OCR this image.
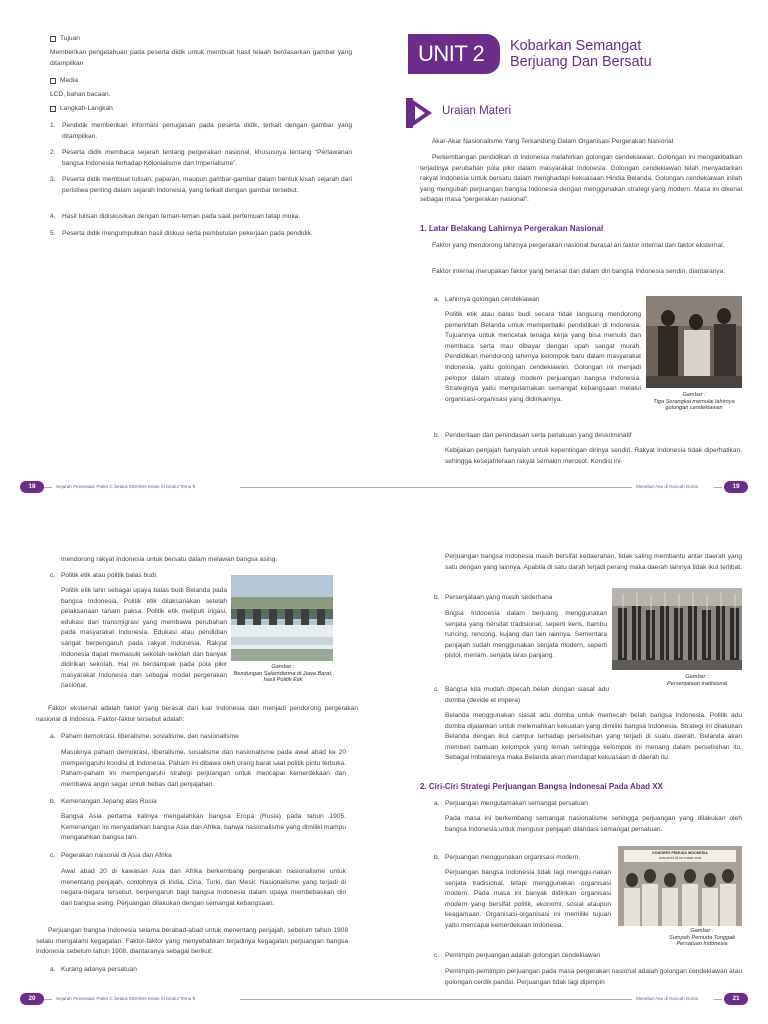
Tujuan

Memberikan pengetahuan pada peserta didik untuk membuat hasil telaah berdasarkan gambar yang ditampilkan

Media

LCD, bahan bacaan.

Langkah-Langkah
1. Pendidik memberikan informasi penugasan pada peserta didik, terkait dengan gambar yang ditampilkan.

2. Peserta didik membaca sejarah tentang pergerakan nasional, khususnya tentang “Perlawanan bangsa Indonesia terhadap Kolonialisme dan Imperialisme”.

3. Peserta didik membuat tulisan, paparan, maupun gambar-gambar dalam bentuk kisah sejarah dari peristiwa penting dalam sejarah Indonesia, yang terkait dengan gambar tersebut.

4. Hasil tulisan didiskusikan dengan teman-teman pada saat pertemuan tatap muka.

5. Peserta didik mengumpulkan hasil diskusi serta pembetulan pekerjaan pada pendidik.

18	Sejarah Peminatan Paket C Setara SMA/MA Kelas XI Modul Tema 9
UNIT 2	Kobarkan Semangat
Berjuang Dan Bersatu
Uraian Materi

Akar-Akar Nasionalisme Yang Terkandung Dalam Organisasi Pergerakan Nasional

Perkembangan pendidikan di Indonesia melahirkan golongan cendekiawan. Golongan ini mengakibatkan terjadinya perubahan pola pikir dalam masyarakat Indonesia. Golongan cendekiawan telah menyadarkan rakyat Indonesia untuk bersatu dalam menghadapi kekuasaan Hindia Belanda. Golongan cendekiawan inilah yang mengubah perjuangan bangsa Indonesia dengan menggunakan strategi yang modern. Masa ini dikenal sebagai masa “pergerakan nasional”.

1. Latar Belakang Lahirnya Pergerakan Nasional

Faktor yang mendorong lahirnya pergerakan nasional berasal ari faktor internal dan faktor eksternal.

Faktor internal merupakan faktor yang berasal dari dalam diri bangsa Indonesia sendiri, diantaranya:

a. Lahirnya golongan cendekiawan

Politik etik atau balas budi secara tidak langsung mendorong pemerintah Belanda untuk memperbaiki pendidikan di Indonesia. Tujuannya untuk mencetak tenaga kerja yang bisa menulis dan membaca serta mau dibayar dengan upah sangat murah. Pendidikan mendorong lahirnya kelompok baru dalam masyarakat Indonesia, yaitu golongan cendekiawan. Golongan ini menjadi pelopor dalam strategi modern perjuangan bangsa Indonesia. Strateginya yaitu mengutamakan semangat kebangsaan melalui organisasi-organisasi yang didirikannya.

Gambar :
Tiga Serangkai memulai lahirnya golongan cendekiawan
b. Penderitaan dan penindasan serta perlakuan yang deskriminatif

Kebijakan penjajah hanyalah untuk kepentingan dirinya sendiri. Rakyat Indonesia tidak diperhatikan, sehingga kesejahteraan rakyat semakin merosot. Kondisi ini

Menebar Asa di Kancah Dunia	19

mendorong rakyat Indonesia untuk bersatu dalam melawan bangsa asing.

c. Politik etik atau politik balas budi.

Politik etik lahir sebagai upaya balas budi Belanda pada bangsa Indonesia. Politik etik dilaksanakan setelah pelaksanaan tanam paksa. Politik etik meliputi irigasi, edukasi dan transmigrasi yang membawa perubahan pada masyarakat Indonesia. Edukasi atau pendidian sangat berpengaruh pada rakyat Indonesia. Rakyat Indonesia dapat memasuki sekolah-sekolah dan banyak didirikan sekolah. Hal ini berdampak pada pola pikir masyarakat Indonesia dan sebagai modal pergerakan nasional.

Gambar :
Bendungan Salamdarma di Jawa Barat, hasil Politik Etik

Faktor eksternal adalah faktor yang berasal dari luar Indonesia dan menjadi pendorong pergerakan nasional di Indoesia. Faktor-faktor tersebut adalah:

a. Paham demokrasi, liberalisme, sosialisme, dan nasionalisme

Masuknya paham demokrasi, liberalisme, sosialisme dan nasionalisme pada awal abad ke 20 mempengaruhi kondisi di Indonesia. Paham ini dibawa oleh orang barat saat politik pintu terbuka. Paham-paham ini mempengaruhi strategi perjuangan untuk mencapai kemerdekaan dan membawa angin segar untuk bebas dari penjajahan.

b. Kemenangan Jepang atas Rusia

Bangsa Asia pertama kalinya mengalahkan bangsa Eropa (Rusia) pada tahun 1905. Kemenangan ini menyadarkan bangsa Asia dan Afrika, bahwa nasionalisme yang dimiliki mampu mengalahkan bangsa lain.

c. Pegerakan naisonal di Asia dan Afrika

Awal abad 20 di kawasan Asia dan Afrika berkembang pergerakan nasionalisme untuk menentang penjajah, contohnya di India, Cina, Turki, dan Mesir. Nasionalisme yang terjadi di negara-negara tersebut, berpengaruh bagi bangsa Indonesia dalam upaya membebaskan diri dari bangsa asing. Perjuangan dilakukan dengan semangat kebangsaan.

Perjuangan bangsa Indonesia selama berabad-abad untuk menentang penjajah, sebelum tahun 1908 selalu mengalami kegagalan. Faktor-faktor yang menyebabkan terjadinya kegagalan perjuangan bangsa Indonesia sebelum tahun 1908, diantaranya sebagai berikut:

a. Kurang adanya persatuan

20	Sejarah Peminatan Paket C Setara SMA/MA Kelas XI Modul Tema 9

Perjuangan bangsa Indonesia masih bersifat kedaerahan, tidak saling membantu antar daerah yang satu dengan yang lainnya. Apabila di satu darah terjadi perang maka daerah lainnya tidak ikut terlibat.

b. Persenjataan yang masih sederhana

Bngsa Indonesia dalam berjuang menggunakan senjata yang bersifat tradisional, seperti keris, bambu runcing, rencong, kujang dan lain lainnya. Sementara penjajah sudah menggunakan senjata modern, seperti pistol, meriam, senjata laras panjang.

Gambar :
Persenjataan tradisional
c. Bangsa kita mudah dipecah belah dengan siasat adu domba (devide et impera)

Belanda menggunakan siasat adu domba untuk memecah belah bangsa Indonesia. Politik adu domba dijalankan untuk melemahkan kekuatan yang dimiliki bangsa Indonesia. Strategi ini dilakukan Belanda dengan ikut campur terhadap perselisihan yang terjadi di suatu daerah. Belanda akan memberi bantuan kelompok yang lemah sehingga kelompok ini menang dalam perselisihan itu. Sebagai imbalannya maka Belanda akan mendapat kekuasaan di daerah itu.

2. Ciri-Ciri Strategi Perjuangan Bangsa Indonesai Pada Abad XX
a. Perjuangan mengutamakan semangat persatuan

Pada masa ini berkembang semangat nasionalisme sehingga perjuangan yang dilakukan oleh bangsa Indonesia untuk mengusir penjajah dilandasi semangat persatuan.

b. Perjuangan menggunakan organisasi modern.

Perjuangan bangsa Indonesia tidak lagi menggu-nakan senjata tradisional, tetapi menggunakan organisasi modern. Pada masa ini banyak didirikan organisasi modern yang bersifat politik, ekonomi, sosial ataupun keagamaan. Organisasi-organisasi ini memiliki tujuan yaitu mencapai kemerdekaan Indonesia.

KONGRES PEMUDA INDONESIA
DJAKARTA 28 OKTOBER 1928
Gambar :
Sumpah Pemuda Tonggak Persatuan Indonesia
c. Pemimpin perjuangan adalah golongan cendekiawan

Pemimpin-pemimpin perjuangan pada masa pergerakan nasional adalah golongan cendekiawan atau golongan cerdik pandai. Perjuangan tidak lagi dipimpin

Menebar Asa di Kancah Dunia	21
